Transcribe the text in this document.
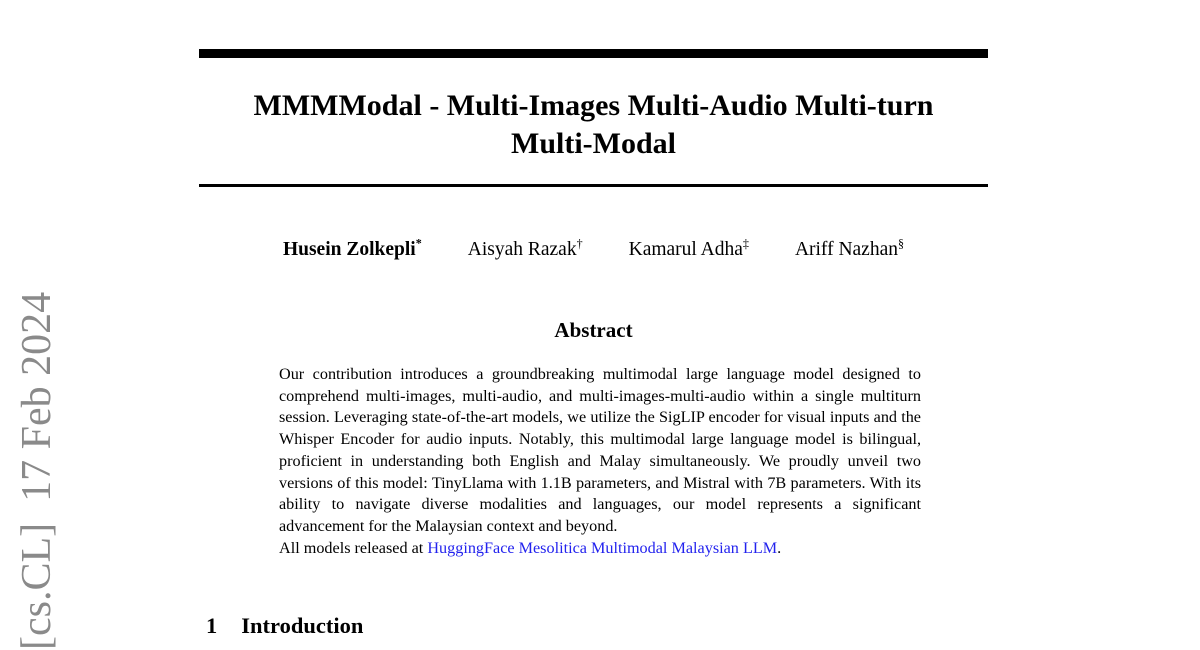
[cs.CL]  17 Feb 2024
MMMModal - Multi-Images Multi-Audio Multi-turn
Multi-Modal
Husein Zolkepli* Aisyah Razak† Kamarul Adha‡ Ariff Nazhan§
Abstract

Our contribution introduces a groundbreaking multimodal large language model designed to comprehend multi-images, multi-audio, and multi-images-multi-audio within a single multiturn session. Leveraging state-of-the-art models, we utilize the SigLIP encoder for visual inputs and the Whisper Encoder for audio inputs. Notably, this multimodal large language model is bilingual, proficient in understanding both English and Malay simultaneously. We proudly unveil two versions of this model: TinyLlama with 1.1B parameters, and Mistral with 7B parameters. With its ability to navigate diverse modalities and languages, our model represents a significant advancement for the Malaysian context and beyond.

All models released at HuggingFace Mesolitica Multimodal Malaysian LLM.

1 Introduction
